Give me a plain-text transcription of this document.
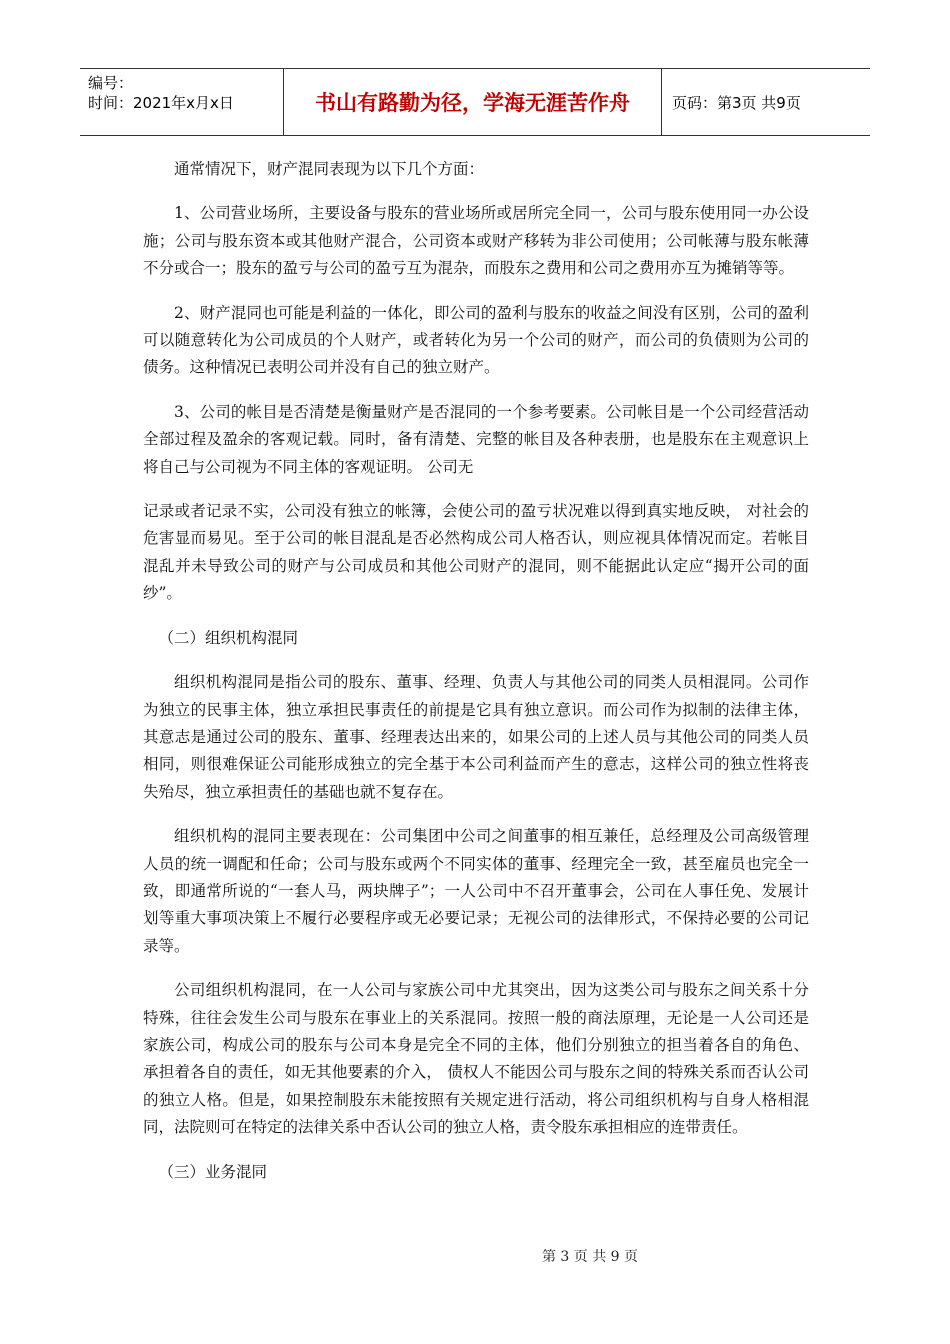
编号：
时间：2021年x月x日	书山有路勤为径，学海无涯苦作舟	页码：第3页 共9页

通常情况下，财产混同表现为以下几个方面：

1、公司营业场所，主要设备与股东的营业场所或居所完全同一，公司与股东使用同一办公设施；公司与股东资本或其他财产混合，公司资本或财产移转为非公司使用；公司帐薄与股东帐薄不分或合一；股东的盈亏与公司的盈亏互为混杂，而股东之费用和公司之费用亦互为摊销等等。

2、财产混同也可能是利益的一体化，即公司的盈利与股东的收益之间没有区别，公司的盈利可以随意转化为公司成员的个人财产，或者转化为另一个公司的财产，而公司的负债则为公司的债务。这种情况已表明公司并没有自己的独立财产。

3、公司的帐目是否清楚是衡量财产是否混同的一个参考要素。公司帐目是一个公司经营活动全部过程及盈余的客观记载。同时，备有清楚、完整的帐目及各种表册，也是股东在主观意识上将自己与公司视为不同主体的客观证明。 公司无

记录或者记录不实，公司没有独立的帐簿，会使公司的盈亏状况难以得到真实地反映， 对社会的危害显而易见。至于公司的帐目混乱是否必然构成公司人格否认，则应视具体情况而定。若帐目混乱并未导致公司的财产与公司成员和其他公司财产的混同，则不能据此认定应“揭开公司的面纱”。

（二）组织机构混同

组织机构混同是指公司的股东、董事、经理、负责人与其他公司的同类人员相混同。公司作为独立的民事主体，独立承担民事责任的前提是它具有独立意识。而公司作为拟制的法律主体，其意志是通过公司的股东、董事、经理表达出来的，如果公司的上述人员与其他公司的同类人员相同，则很难保证公司能形成独立的完全基于本公司利益而产生的意志，这样公司的独立性将丧失殆尽，独立承担责任的基础也就不复存在。

组织机构的混同主要表现在：公司集团中公司之间董事的相互兼任，总经理及公司高级管理人员的统一调配和任命；公司与股东或两个不同实体的董事、经理完全一致，甚至雇员也完全一致，即通常所说的“一套人马，两块牌子”；一人公司中不召开董事会，公司在人事任免、发展计划等重大事项决策上不履行必要程序或无必要记录；无视公司的法律形式，不保持必要的公司记录等。

公司组织机构混同，在一人公司与家族公司中尤其突出，因为这类公司与股东之间关系十分特殊，往往会发生公司与股东在事业上的关系混同。按照一般的商法原理，无论是一人公司还是家族公司，构成公司的股东与公司本身是完全不同的主体，他们分别独立的担当着各自的角色、承担着各自的责任，如无其他要素的介入， 债权人不能因公司与股东之间的特殊关系而否认公司的独立人格。但是，如果控制股东未能按照有关规定进行活动，将公司组织机构与自身人格相混同，法院则可在特定的法律关系中否认公司的独立人格，责令股东承担相应的连带责任。

（三）业务混同

第 3 页 共 9 页
